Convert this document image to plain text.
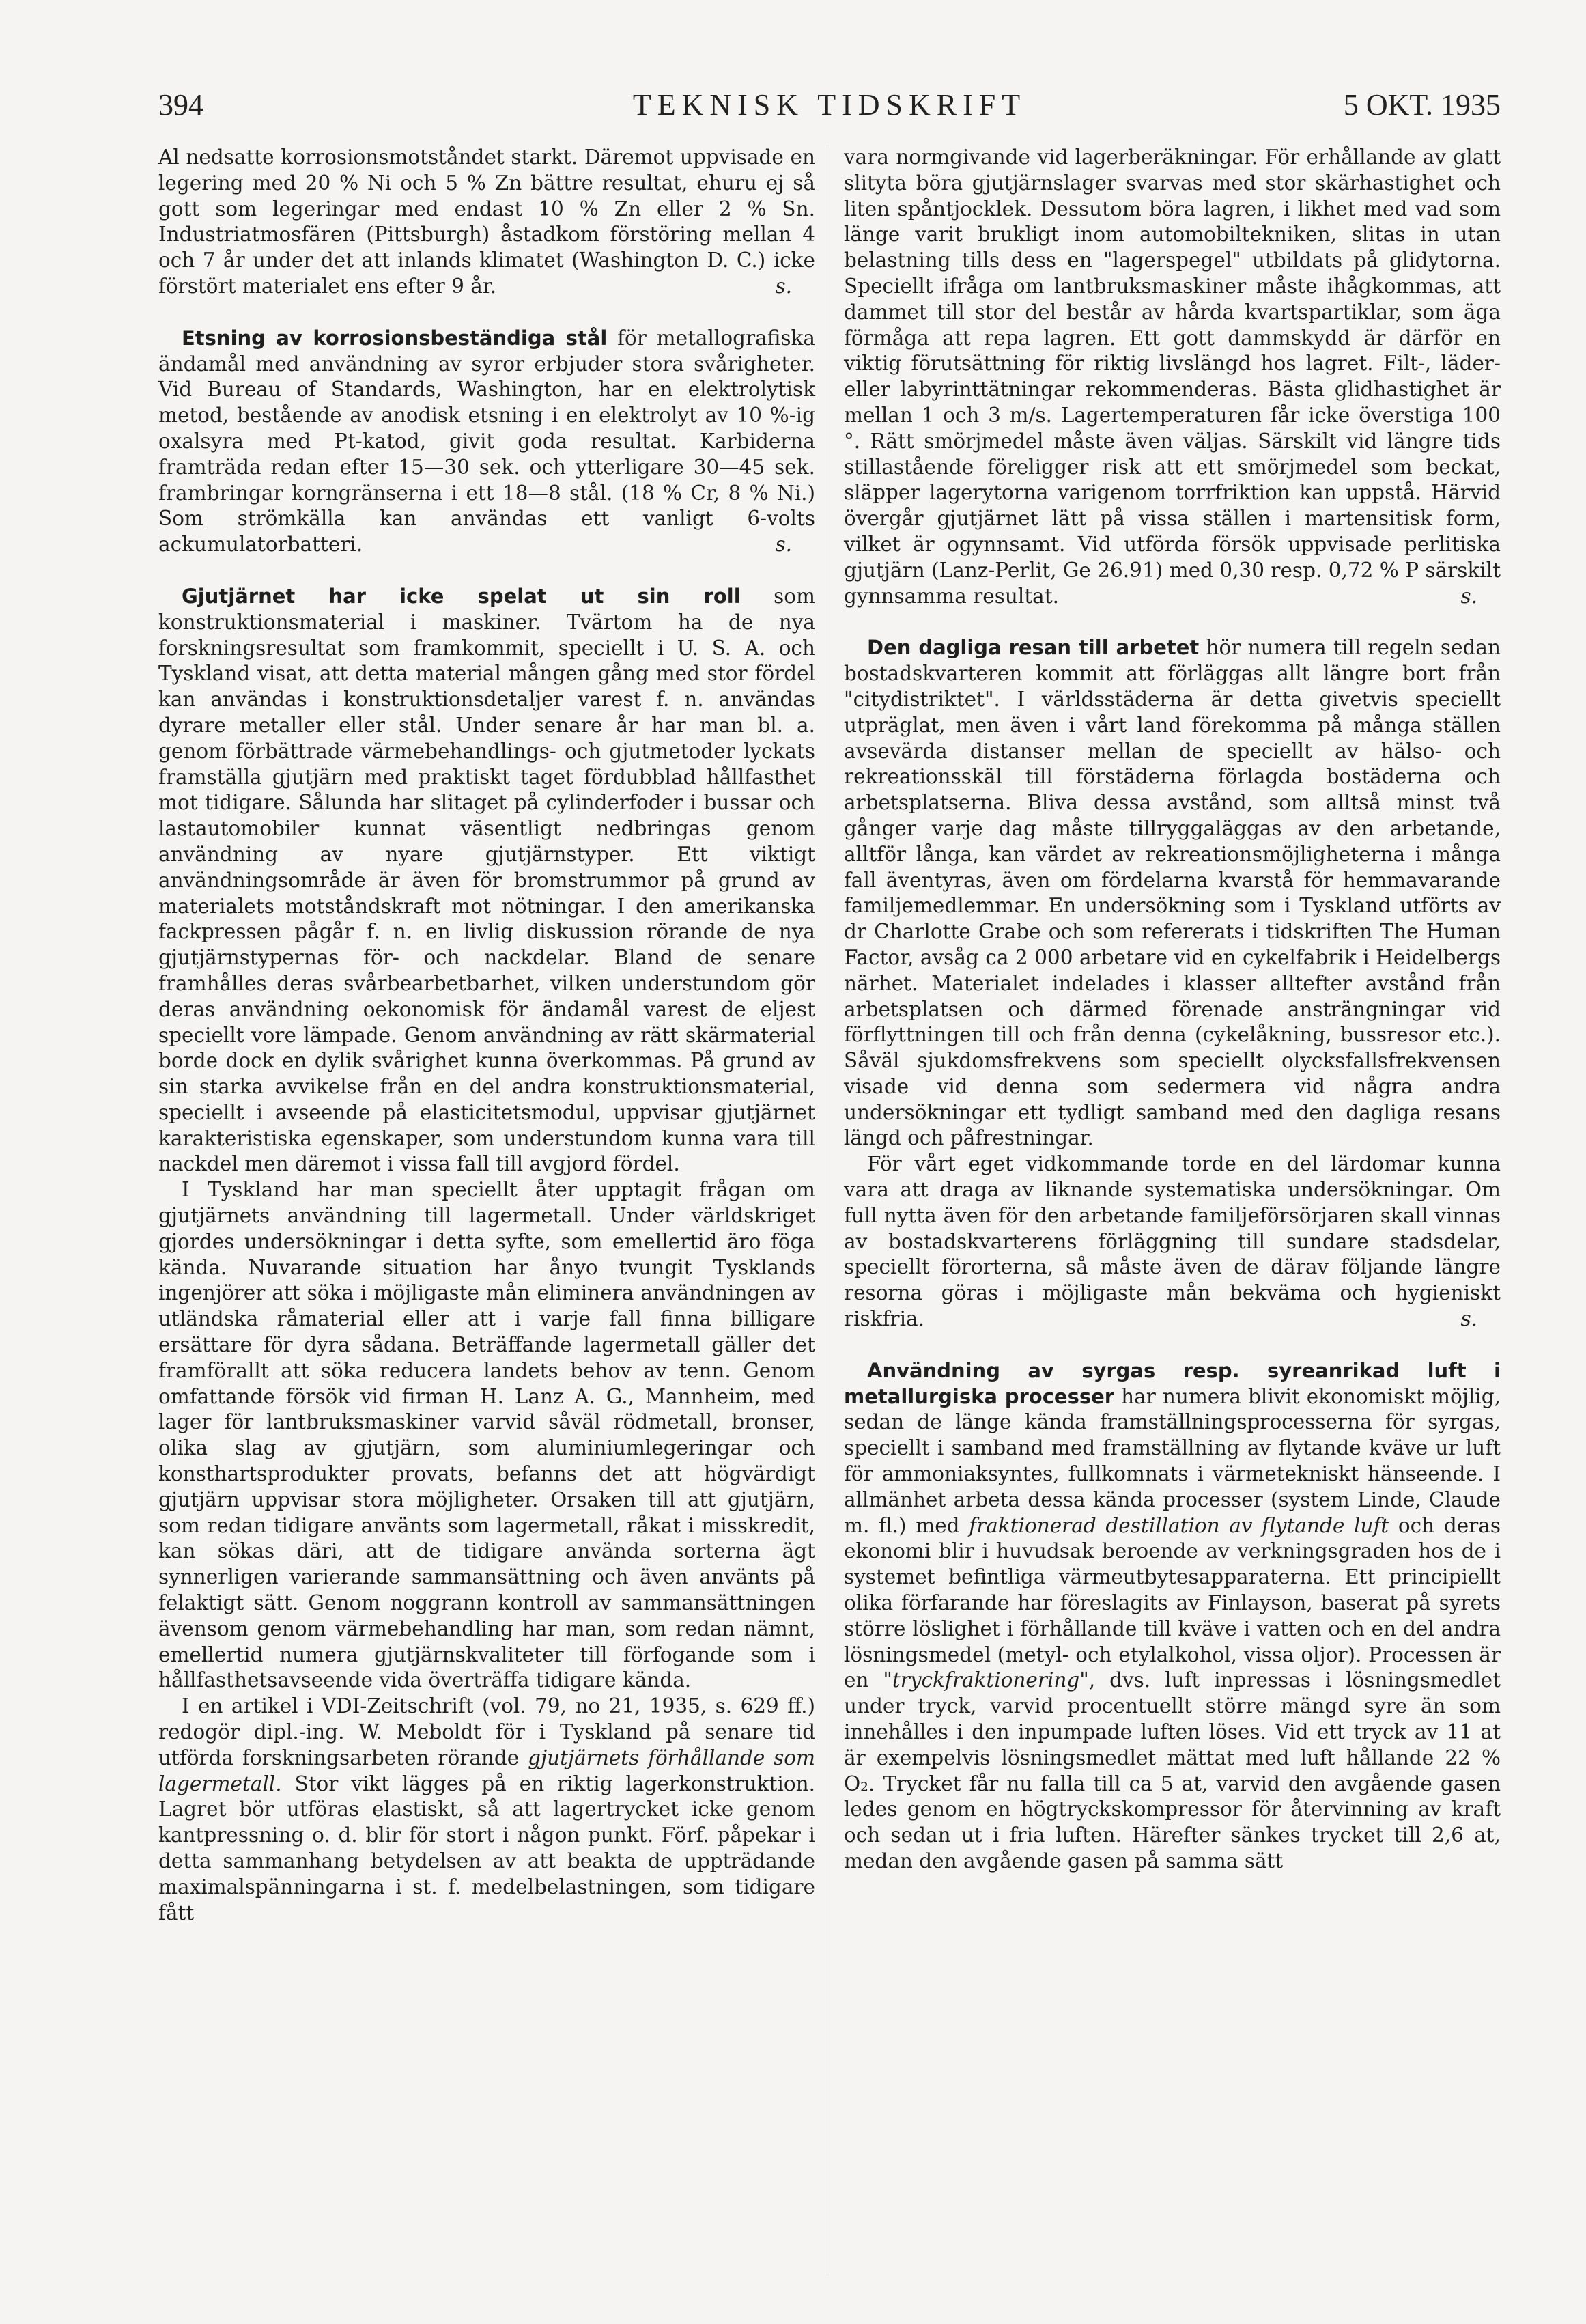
394	TEKNISK TIDSKRIFT	5 OKT. 1935

Al nedsatte korrosionsmotståndet starkt. Däremot uppvisade en legering med 20 % Ni och 5 % Zn bättre resultat, ehuru ej så gott som legeringar med endast 10 % Zn eller 2 % Sn. Industriatmosfären (Pittsburgh) åstadkom förstöring mellan 4 och 7 år under det att inlands klimatet (Washington D. C.) icke förstört materialet ens efter 9 år.	s.

Etsning av korrosionsbeständiga stål för metallografiska ändamål med användning av syror erbjuder stora svårigheter. Vid Bureau of Standards, Washington, har en elektrolytisk metod, bestående av anodisk etsning i en elektrolyt av 10 %-ig oxalsyra med Pt-katod, givit goda resultat. Karbiderna framträda redan efter 15—30 sek. och ytterligare 30—45 sek. frambringar korngränserna i ett 18—8 stål. (18 % Cr, 8 % Ni.) Som strömkälla kan användas ett vanligt 6-volts ackumulatorbatteri.	s.

Gjutjärnet har icke spelat ut sin roll som konstruktionsmaterial i maskiner. Tvärtom ha de nya forskningsresultat som framkommit, speciellt i U. S. A. och Tyskland visat, att detta material mången gång med stor fördel kan användas i konstruktionsdetaljer varest f. n. användas dyrare metaller eller stål. Under senare år har man bl. a. genom förbättrade värmebehandlings- och gjutmetoder lyckats framställa gjutjärn med praktiskt taget fördubblad hållfasthet mot tidigare. Sålunda har slitaget på cylinderfoder i bussar och lastautomobiler kunnat väsentligt nedbringas genom användning av nyare gjutjärnstyper. Ett viktigt användningsområde är även för bromstrummor på grund av materialets motståndskraft mot nötningar. I den amerikanska fackpressen pågår f. n. en livlig diskussion rörande de nya gjutjärnstypernas för- och nackdelar. Bland de senare framhålles deras svårbearbetbarhet, vilken understundom gör deras användning oekonomisk för ändamål varest de eljest speciellt vore lämpade. Genom användning av rätt skärmaterial borde dock en dylik svårighet kunna överkommas. På grund av sin starka avvikelse från en del andra konstruktionsmaterial, speciellt i avseende på elasticitetsmodul, uppvisar gjutjärnet karakteristiska egenskaper, som understundom kunna vara till nackdel men däremot i vissa fall till avgjord fördel.

I Tyskland har man speciellt åter upptagit frågan om gjutjärnets användning till lagermetall. Under världskriget gjordes undersökningar i detta syfte, som emellertid äro föga kända. Nuvarande situation har ånyo tvungit Tysklands ingenjörer att söka i möjligaste mån eliminera användningen av utländska råmaterial eller att i varje fall finna billigare ersättare för dyra sådana. Beträffande lagermetall gäller det framförallt att söka reducera landets behov av tenn. Genom omfattande försök vid firman H. Lanz A. G., Mannheim, med lager för lantbruksmaskiner varvid såväl rödmetall, bronser, olika slag av gjutjärn, som aluminiumlegeringar och konsthartsprodukter provats, befanns det att högvärdigt gjutjärn uppvisar stora möjligheter. Orsaken till att gjutjärn, som redan tidigare använts som lagermetall, råkat i misskredit, kan sökas däri, att de tidigare använda sorterna ägt synnerligen varierande sammansättning och även använts på felaktigt sätt. Genom noggrann kontroll av sammansättningen ävensom genom värmebehandling har man, som redan nämnt, emellertid numera gjutjärnskvaliteter till förfogande som i hållfasthetsavseende vida överträffa tidigare kända.

I en artikel i VDI-Zeitschrift (vol. 79, no 21, 1935, s. 629 ff.) redogör dipl.-ing. W. Meboldt för i Tyskland på senare tid utförda forskningsarbeten rörande gjutjärnets förhållande som lagermetall. Stor vikt lägges på en riktig lagerkonstruktion. Lagret bör utföras elastiskt, så att lagertrycket icke genom kantpressning o. d. blir för stort i någon punkt. Förf. påpekar i detta sammanhang betydelsen av att beakta de uppträdande maximalspänningarna i st. f. medelbelastningen, som tidigare fått

vara normgivande vid lagerberäkningar. För erhållande av glatt slityta böra gjutjärnslager svarvas med stor skärhastighet och liten spåntjocklek. Dessutom böra lagren, i likhet med vad som länge varit brukligt inom automobiltekniken, slitas in utan belastning tills dess en "lagerspegel" utbildats på glidytorna. Speciellt ifråga om lantbruksmaskiner måste ihågkommas, att dammet till stor del består av hårda kvartspartiklar, som äga förmåga att repa lagren. Ett gott dammskydd är därför en viktig förutsättning för riktig livslängd hos lagret. Filt-, läder- eller labyrinttätningar rekommenderas. Bästa glidhastighet är mellan 1 och 3 m/s. Lagertemperaturen får icke överstiga 100 °. Rätt smörjmedel måste även väljas. Särskilt vid längre tids stillastående föreligger risk att ett smörjmedel som beckat, släpper lagerytorna varigenom torrfriktion kan uppstå. Härvid övergår gjutjärnet lätt på vissa ställen i martensitisk form, vilket är ogynnsamt. Vid utförda försök uppvisade perlitiska gjutjärn (Lanz-Perlit, Ge 26.91) med 0,30 resp. 0,72 % P särskilt gynnsamma resultat.	s.

Den dagliga resan till arbetet hör numera till regeln sedan bostadskvarteren kommit att förläggas allt längre bort från "citydistriktet". I världsstäderna är detta givetvis speciellt utpräglat, men även i vårt land förekomma på många ställen avsevärda distanser mellan de speciellt av hälso- och rekreationsskäl till förstäderna förlagda bostäderna och arbetsplatserna. Bliva dessa avstånd, som alltså minst två gånger varje dag måste tillryggaläggas av den arbetande, alltför långa, kan värdet av rekreationsmöjligheterna i många fall äventyras, även om fördelarna kvarstå för hemmavarande familjemedlemmar. En undersökning som i Tyskland utförts av dr Charlotte Grabe och som refererats i tidskriften The Human Factor, avsåg ca 2 000 arbetare vid en cykelfabrik i Heidelbergs närhet. Materialet indelades i klasser alltefter avstånd från arbetsplatsen och därmed förenade ansträngningar vid förflyttningen till och från denna (cykelåkning, bussresor etc.). Såväl sjukdomsfrekvens som speciellt olycksfallsfrekvensen visade vid denna som sedermera vid några andra undersökningar ett tydligt samband med den dagliga resans längd och påfrestningar.

För vårt eget vidkommande torde en del lärdomar kunna vara att draga av liknande systematiska undersökningar. Om full nytta även för den arbetande familjeförsörjaren skall vinnas av bostadskvarterens förläggning till sundare stadsdelar, speciellt förorterna, så måste även de därav följande längre resorna göras i möjligaste mån bekväma och hygieniskt riskfria.	s.

Användning av syrgas resp. syreanrikad luft i metallurgiska processer har numera blivit ekonomiskt möjlig, sedan de länge kända framställningsprocesserna för syrgas, speciellt i samband med framställning av flytande kväve ur luft för ammoniaksyntes, fullkomnats i värmetekniskt hänseende. I allmänhet arbeta dessa kända processer (system Linde, Claude m. fl.) med fraktionerad destillation av flytande luft och deras ekonomi blir i huvudsak beroende av verkningsgraden hos de i systemet befintliga värmeutbytesapparaterna. Ett principiellt olika förfarande har föreslagits av Finlayson, baserat på syrets större löslighet i förhållande till kväve i vatten och en del andra lösningsmedel (metyl- och etylalkohol, vissa oljor). Processen är en "tryckfraktionering", dvs. luft inpressas i lösningsmedlet under tryck, varvid procentuellt större mängd syre än som innehålles i den inpumpade luften löses. Vid ett tryck av 11 at är exempelvis lösningsmedlet mättat med luft hållande 22 % O₂. Trycket får nu falla till ca 5 at, varvid den avgående gasen ledes genom en högtryckskompressor för återvinning av kraft och sedan ut i fria luften. Härefter sänkes trycket till 2,6 at, medan den avgående gasen på samma sätt
